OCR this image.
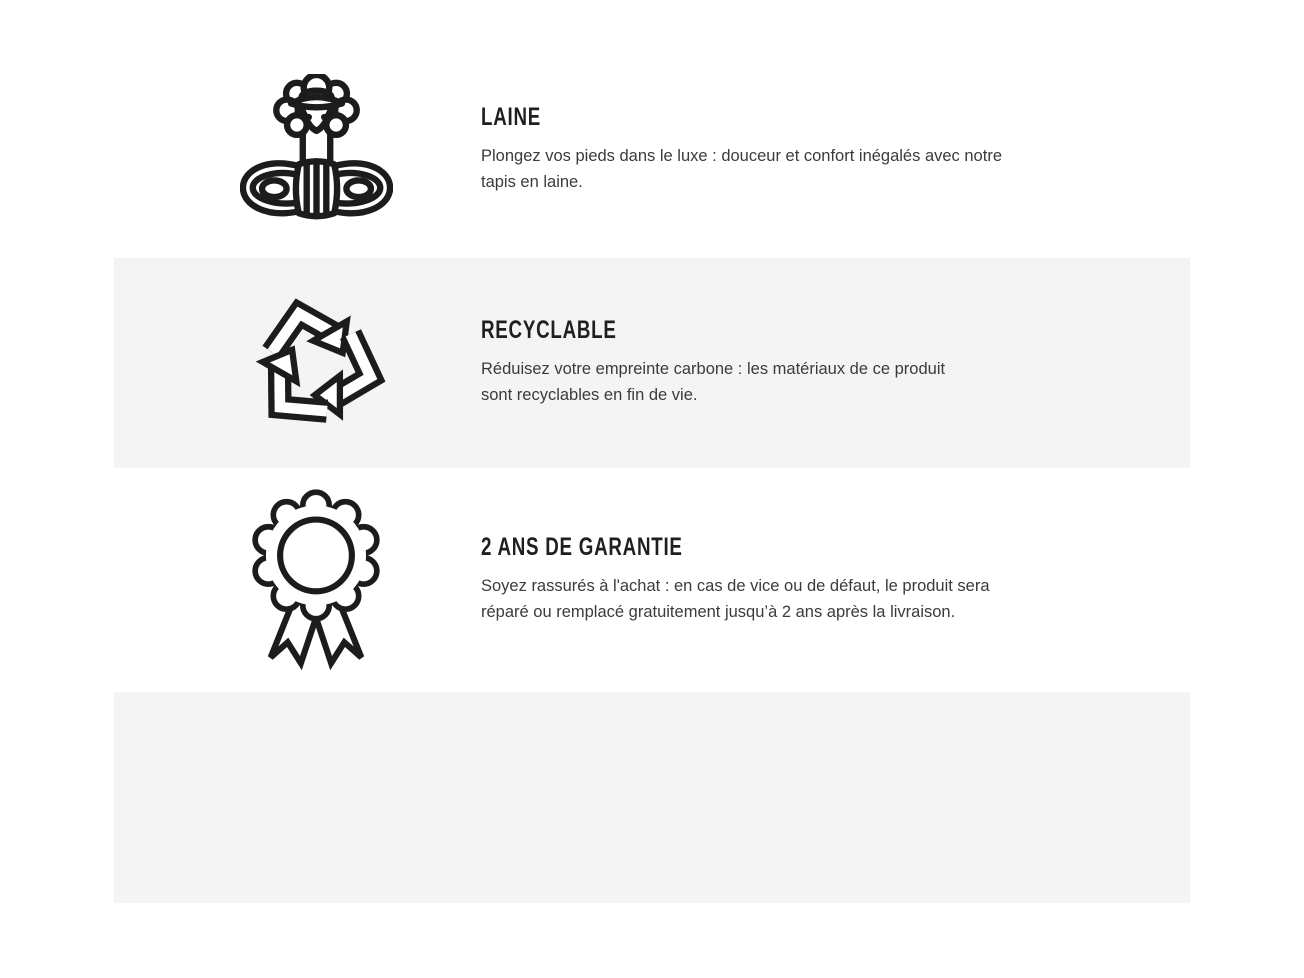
LAINE

Plongez vos pieds dans le luxe : douceur et confort inégalés avec notre
tapis en laine.

RECYCLABLE

Réduisez votre empreinte carbone : les matériaux de ce produit
sont recyclables en fin de vie.

2 ANS DE GARANTIE

Soyez rassurés à l'achat : en cas de vice ou de défaut, le produit sera
réparé ou remplacé gratuitement jusqu’à 2 ans après la livraison.
